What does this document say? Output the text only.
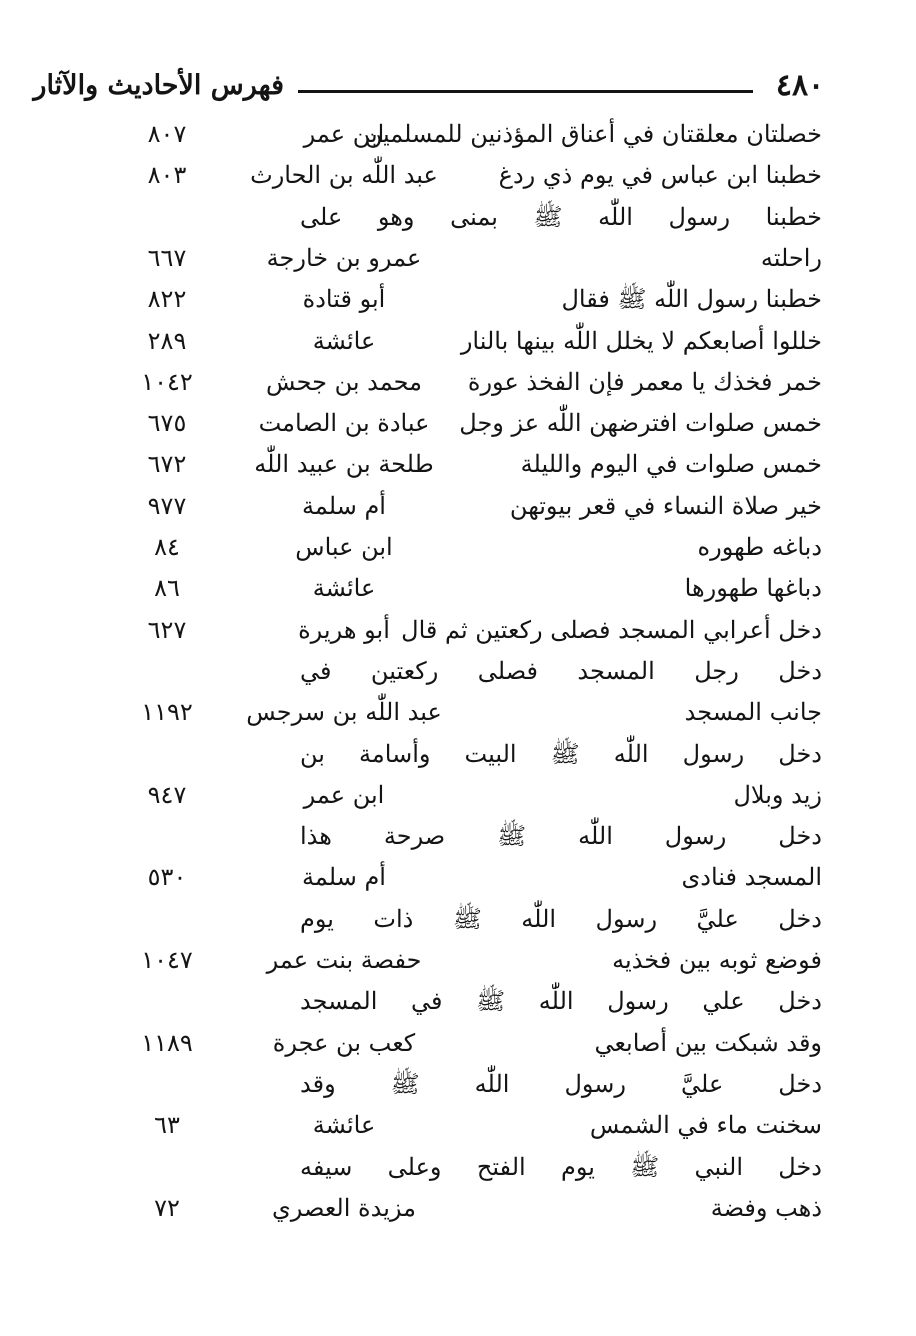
٤٨٠
فهرس الأحاديث والآثار
خصلتان معلقتان في أعناق المؤذنين للمسلمين
ابن عمر
٨٠٧
خطبنا ابن عباس في يوم ذي ردغ
عبد اللّٰه بن الحارث
٨٠٣
خطبنا رسول اللّٰه ﷺ بمنى وهو على
راحلته
عمرو بن خارجة
٦٦٧
خطبنا رسول اللّٰه ﷺ فقال
أبو قتادة
٨٢٢
خللوا أصابعكم لا يخلل اللّٰه بينها بالنار
عائشة
٢٨٩
خمر فخذك يا معمر فإن الفخذ عورة
محمد بن جحش
١٠٤٢
خمس صلوات افترضهن اللّٰه عز وجل
عبادة بن الصامت
٦٧٥
خمس صلوات في اليوم والليلة
طلحة بن عبيد اللّٰه
٦٧٢
خير صلاة النساء في قعر بيوتهن
أم سلمة
٩٧٧
دباغه طهوره
ابن عباس
٨٤
دباغها طهورها
عائشة
٨٦
دخل أعرابي المسجد فصلى ركعتين ثم قال
أبو هريرة
٦٢٧
دخل رجل المسجد فصلى ركعتين في
جانب المسجد
عبد اللّٰه بن سرجس
١١٩٢
دخل رسول اللّٰه ﷺ البيت وأسامة بن
زيد وبلال
ابن عمر
٩٤٧
دخل رسول اللّٰه ﷺ صرحة هذا
المسجد فنادى
أم سلمة
٥٣٠
دخل عليَّ رسول اللّٰه ﷺ ذات يوم
فوضع ثوبه بين فخذيه
حفصة بنت عمر
١٠٤٧
دخل علي رسول اللّٰه ﷺ في المسجد
وقد شبكت بين أصابعي
كعب بن عجرة
١١٨٩
دخل عليَّ رسول اللّٰه ﷺ وقد
سخنت ماء في الشمس
عائشة
٦٣
دخل النبي ﷺ يوم الفتح وعلى سيفه
ذهب وفضة
مزيدة العصري
٧٢
